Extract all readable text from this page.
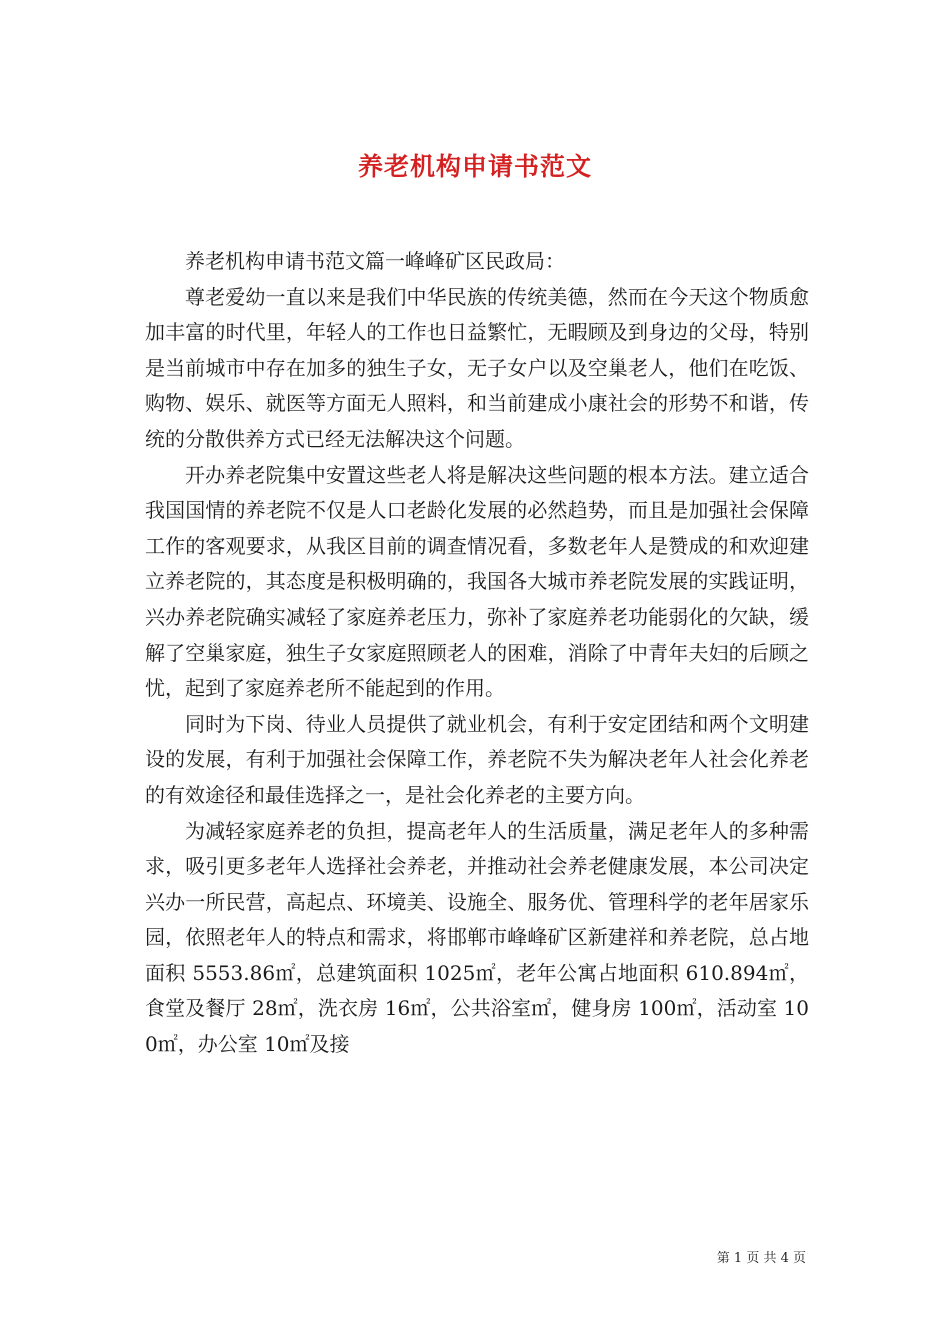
养老机构申请书范文

养老机构申请书范文篇一峰峰矿区民政局：

尊老爱幼一直以来是我们中华民族的传统美德，然而在今天这个物质愈加丰富的时代里，年轻人的工作也日益繁忙，无暇顾及到身边的父母，特别是当前城市中存在加多的独生子女，无子女户以及空巢老人，他们在吃饭、购物、娱乐、就医等方面无人照料，和当前建成小康社会的形势不和谐，传统的分散供养方式已经无法解决这个问题。

开办养老院集中安置这些老人将是解决这些问题的根本方法。建立适合我国国情的养老院不仅是人口老龄化发展的必然趋势，而且是加强社会保障工作的客观要求，从我区目前的调查情况看，多数老年人是赞成的和欢迎建立养老院的，其态度是积极明确的，我国各大城市养老院发展的实践证明，兴办养老院确实减轻了家庭养老压力，弥补了家庭养老功能弱化的欠缺，缓解了空巢家庭，独生子女家庭照顾老人的困难，消除了中青年夫妇的后顾之忧，起到了家庭养老所不能起到的作用。

同时为下岗、待业人员提供了就业机会，有利于安定团结和两个文明建设的发展，有利于加强社会保障工作，养老院不失为解决老年人社会化养老的有效途径和最佳选择之一，是社会化养老的主要方向。

为减轻家庭养老的负担，提高老年人的生活质量，满足老年人的多种需求，吸引更多老年人选择社会养老，并推动社会养老健康发展，本公司决定兴办一所民营，高起点、环境美、设施全、服务优、管理科学的老年居家乐园，依照老年人的特点和需求，将邯郸市峰峰矿区新建祥和养老院，总占地面积 5553.86㎡，总建筑面积 1025㎡，老年公寓占地面积 610.894㎡，食堂及餐厅 28㎡，洗衣房 16㎡，公共浴室㎡，健身房 100㎡，活动室 100㎡，办公室 10㎡及接

第 1 页 共 4 页
